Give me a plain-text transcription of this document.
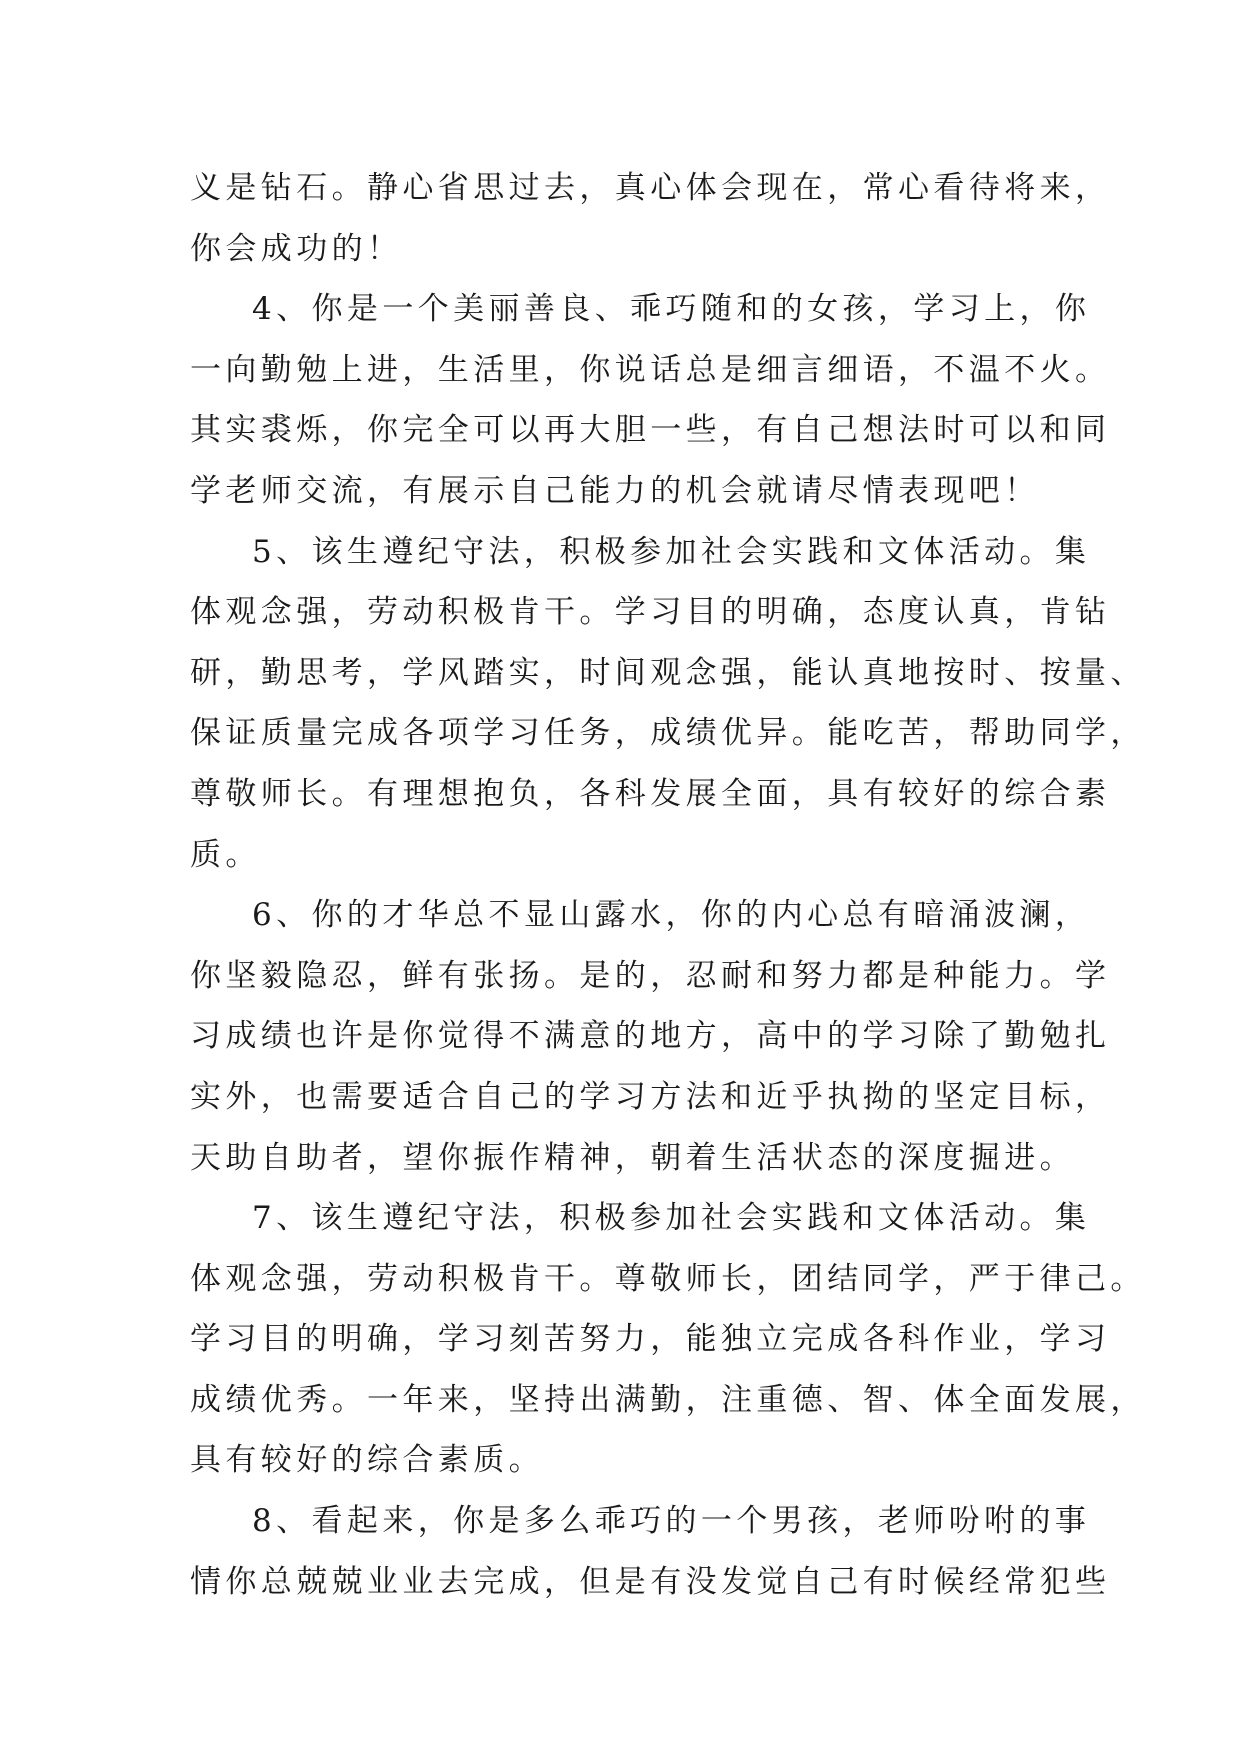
义是钻石。静心省思过去，真心体会现在，常心看待将来，
你会成功的！
4、你是一个美丽善良、乖巧随和的女孩，学习上，你
一向勤勉上进，生活里，你说话总是细言细语，不温不火。
其实裘烁，你完全可以再大胆一些，有自己想法时可以和同
学老师交流，有展示自己能力的机会就请尽情表现吧！
5、该生遵纪守法，积极参加社会实践和文体活动。集
体观念强，劳动积极肯干。学习目的明确，态度认真，肯钻
研，勤思考，学风踏实，时间观念强，能认真地按时、按量、
保证质量完成各项学习任务，成绩优异。能吃苦，帮助同学，
尊敬师长。有理想抱负，各科发展全面，具有较好的综合素
质。
6、你的才华总不显山露水，你的内心总有暗涌波澜，
你坚毅隐忍，鲜有张扬。是的，忍耐和努力都是种能力。学
习成绩也许是你觉得不满意的地方，高中的学习除了勤勉扎
实外，也需要适合自己的学习方法和近乎执拗的坚定目标，
天助自助者，望你振作精神，朝着生活状态的深度掘进。
7、该生遵纪守法，积极参加社会实践和文体活动。集
体观念强，劳动积极肯干。尊敬师长，团结同学，严于律己。
学习目的明确，学习刻苦努力，能独立完成各科作业，学习
成绩优秀。一年来，坚持出满勤，注重德、智、体全面发展，
具有较好的综合素质。
8、看起来，你是多么乖巧的一个男孩，老师吩咐的事
情你总兢兢业业去完成，但是有没发觉自己有时候经常犯些
